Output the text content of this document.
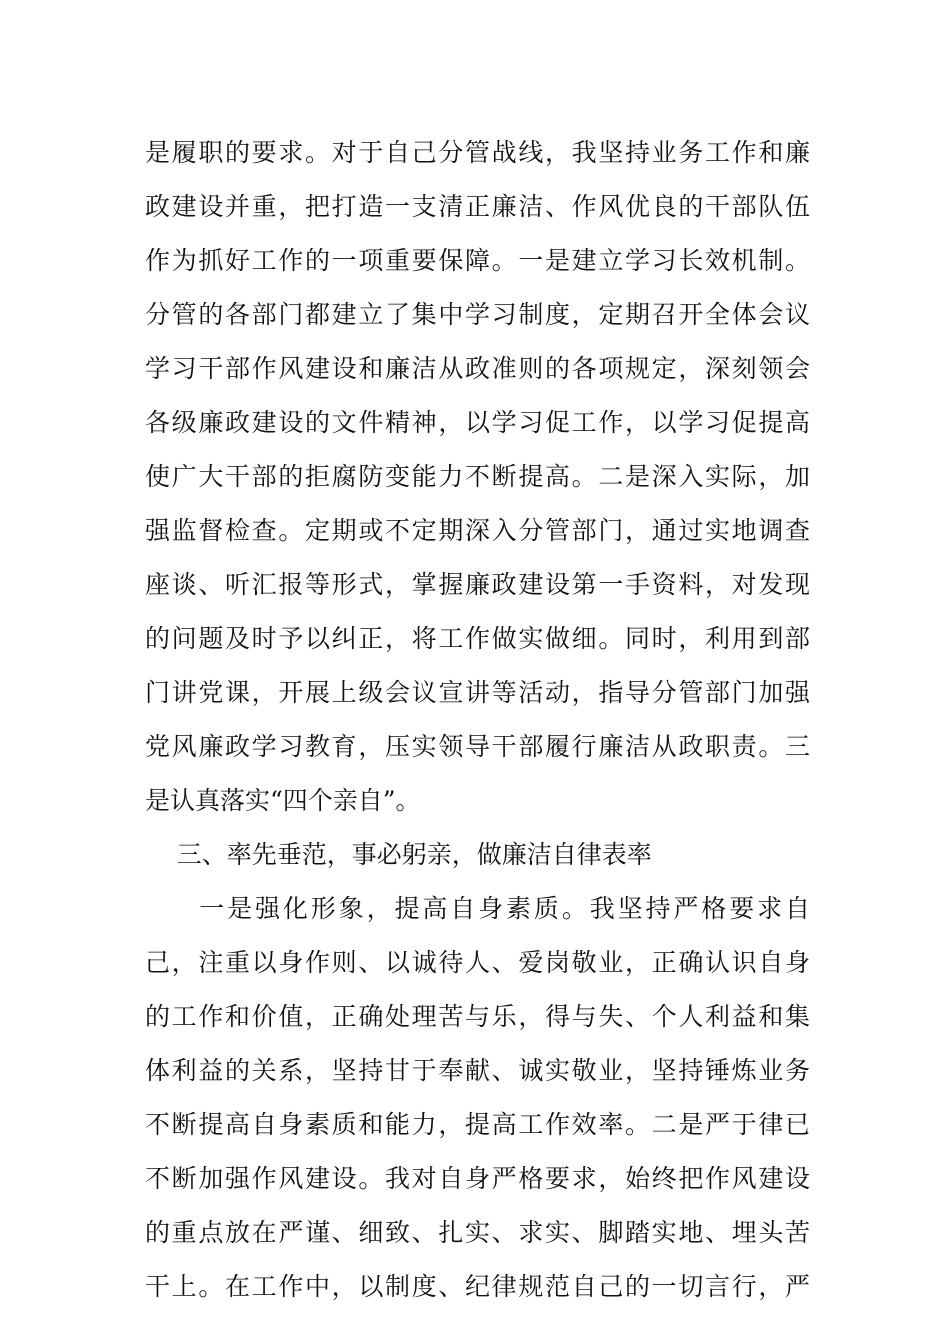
是履职的要求。对于自己分管战线，我坚持业务工作和廉
政建设并重，把打造一支清正廉洁、作风优良的干部队伍
作为抓好工作的一项重要保障。一是建立学习长效机制。
分管的各部门都建立了集中学习制度，定期召开全体会议
学习干部作风建设和廉洁从政准则的各项规定，深刻领会
各级廉政建设的文件精神，以学习促工作，以学习促提高
使广大干部的拒腐防变能力不断提高。二是深入实际，加
强监督检查。定期或不定期深入分管部门，通过实地调查
座谈、听汇报等形式，掌握廉政建设第一手资料，对发现
的问题及时予以纠正，将工作做实做细。同时，利用到部
门讲党课，开展上级会议宣讲等活动，指导分管部门加强
党风廉政学习教育，压实领导干部履行廉洁从政职责。三
是认真落实“四个亲自”。
三、率先垂范，事必躬亲，做廉洁自律表率
一是强化形象，提高自身素质。我坚持严格要求自
己，注重以身作则、以诚待人、爱岗敬业，正确认识自身
的工作和价值，正确处理苦与乐，得与失、个人利益和集
体利益的关系，坚持甘于奉献、诚实敬业，坚持锤炼业务
不断提高自身素质和能力，提高工作效率。二是严于律已
不断加强作风建设。我对自身严格要求，始终把作风建设
的重点放在严谨、细致、扎实、求实、脚踏实地、埋头苦
干上。在工作中，以制度、纪律规范自己的一切言行，严
